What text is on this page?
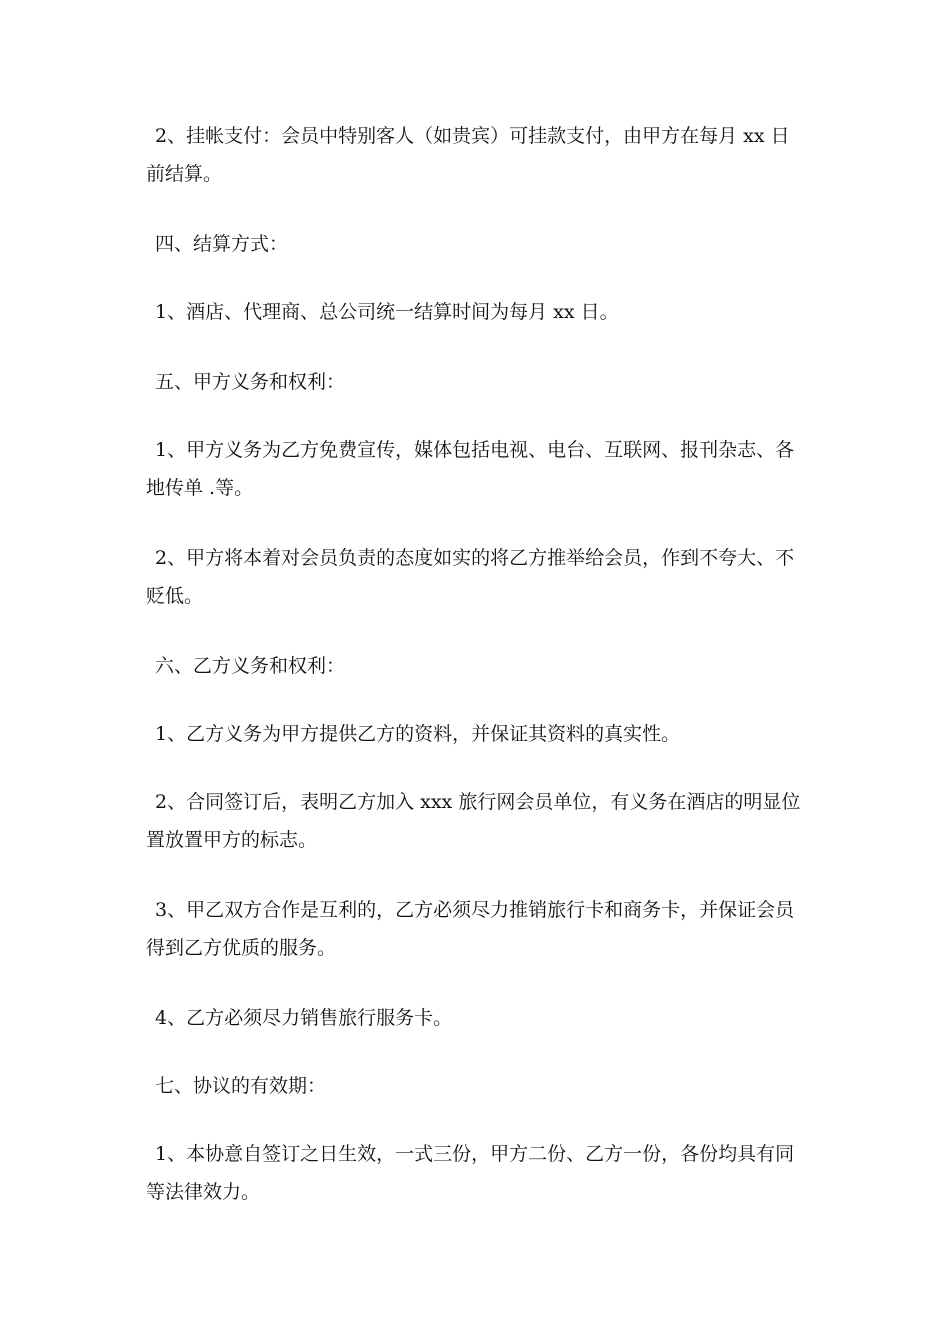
2、挂帐支付：会员中特别客人（如贵宾）可挂款支付，由甲方在每月 xx 日前结算。

四、结算方式：

1、酒店、代理商、总公司统一结算时间为每月 xx 日。

五、甲方义务和权利：

1、甲方义务为乙方免费宣传，媒体包括电视、电台、互联网、报刊杂志、各地传单 .等。

2、甲方将本着对会员负责的态度如实的将乙方推举给会员，作到不夸大、不贬低。

六、乙方义务和权利：

1、乙方义务为甲方提供乙方的资料，并保证其资料的真实性。

2、合同签订后，表明乙方加入 xxx 旅行网会员单位，有义务在酒店的明显位置放置甲方的标志。

3、甲乙双方合作是互利的，乙方必须尽力推销旅行卡和商务卡，并保证会员得到乙方优质的服务。

4、乙方必须尽力销售旅行服务卡。

七、协议的有效期：

1、本协意自签订之日生效，一式三份，甲方二份、乙方一份，各份均具有同等法律效力。
